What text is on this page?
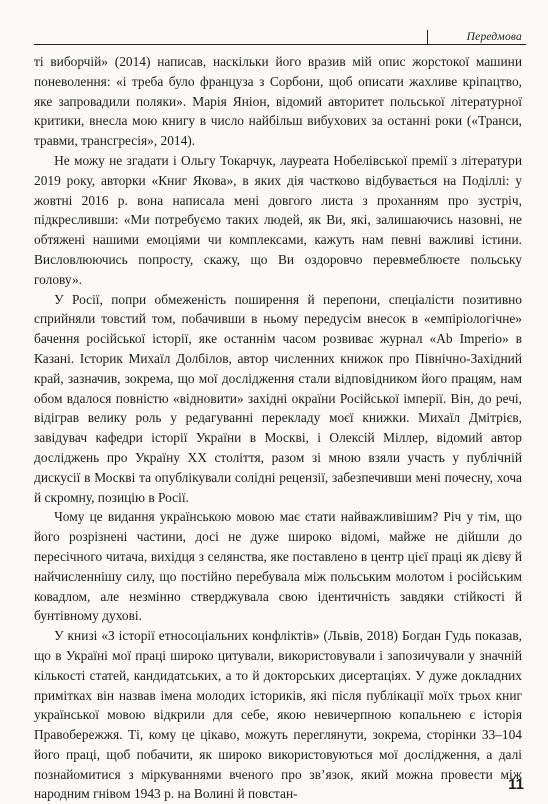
Передмова

ті виборчій» (2014) написав, наскільки його вразив мій опис жорстокої машини поневолення: «і треба було француза з Сорбони, щоб описати жахливе кріпацтво, яке запровадили поляки». Марія Яніон, відомий авторитет польської літературної критики, внесла мою книгу в число найбільш вибухових за останні роки («Транси, травми, трансгресія», 2014).

Не можу не згадати і Ольгу Токарчук, лауреата Нобелівської премії з літератури 2019 року, авторки «Книг Якова», в яких дія частково відбувається на Поділлі: у жовтні 2016 р. вона написала мені довгого листа з проханням про зустріч, підкресливши: «Ми потребуємо таких людей, як Ви, які, залишаючись назовні, не обтяжені нашими емоціями чи комплексами, кажуть нам певні важливі істини. Висловлюючись попросту, скажу, що Ви оздоровчо перевмеблюєте польську голову».

У Росії, попри обмеженість поширення й перепони, спеціалісти позитивно сприйняли товстий том, побачивши в ньому передусім внесок в «емпіріологічне» бачення російської історії, яке останнім часом розвиває журнал «Ab Imperio» в Казані. Історик Михаїл Долбілов, автор численних книжок про Північно-Західний край, зазначив, зокрема, що мої дослідження стали відповідником його працям, нам обом вдалося повністю «відновити» західні окраїни Російської імперії. Він, до речі, відіграв велику роль у редагуванні перекладу моєї книжки. Михаїл Дмітрієв, завідувач кафедри історії України в Москві, і Олексій Міллер, відомий автор досліджень про Україну XX століття, разом зі мною взяли участь у публічній дискусії в Москві та опублікували солідні рецензії, забезпечивши мені почесну, хоча й скромну, позицію в Росії.

Чому це видання українською мовою має стати найважливішим? Річ у тім, що його розрізнені частини, досі не дуже широко відомі, майже не дійшли до пересічного читача, вихідця з селянства, яке поставлено в центр цієї праці як дієву й найчисленнішу силу, що постійно перебувала між польським молотом і російським ковадлом, але незмінно стверджувала свою ідентичність завдяки стійкості й бунтівному духові.

У книзі «З історії етносоціальних конфліктів» (Львів, 2018) Богдан Гудь показав, що в Україні мої праці широко цитували, використовували і запозичували у значній кількості статей, кандидатських, а то й докторських дисертацiях. У дуже докладних примітках він назвав імена молодих істориків, які після публікації моїх трьох книг української мовою відкрили для себе, якою невичерпною копальнею є історія Правобережжя. Ті, кому це цікаво, можуть переглянути, зокрема, сторінки 33–104 його праці, щоб побачити, як широко використовуються мої дослідження, а далі познайомитися з міркуваннями вченого про зв’язок, який можна провести між народним гнівом 1943 р. на Волині й повстан-

11
